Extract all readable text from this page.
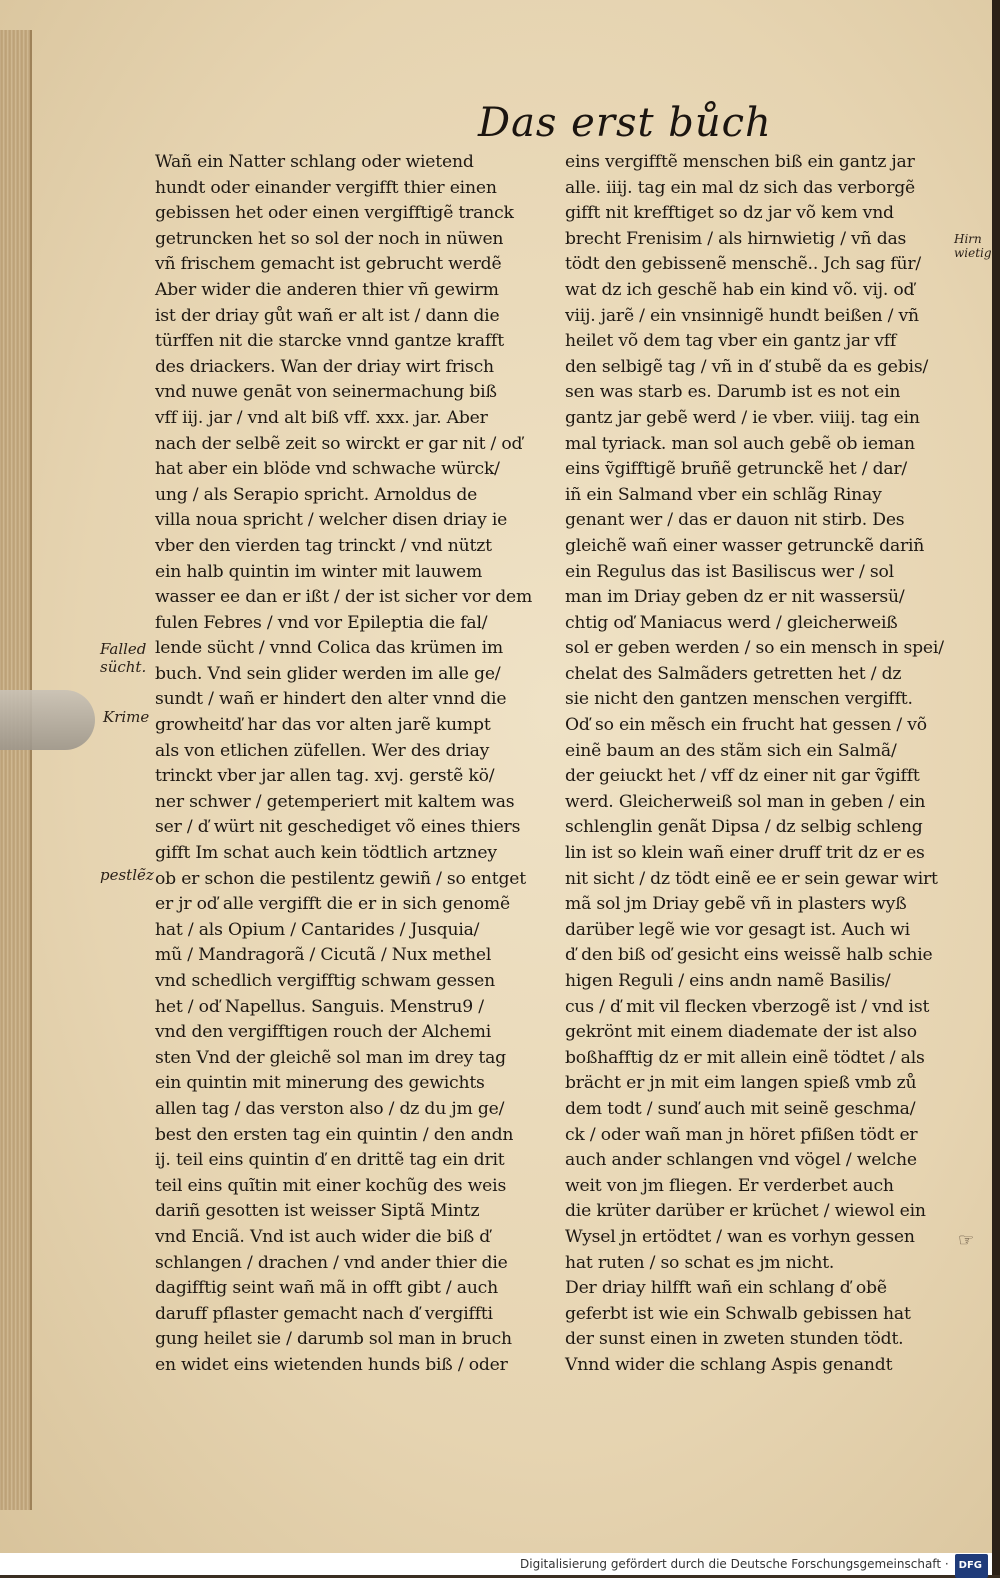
Das erst bůch
Wañ ein Natter schlang oder wietend
hundt oder einander vergifft thier einen
gebissen het oder einen vergifftigẽ tranck
getruncken het so sol der noch in nüwen
vñ frischem gemacht ist gebrucht werdẽ
Aber wider die anderen thier vñ gewirm
ist der driay gůt wañ er alt ist / dann die
türffen nit die starcke vnnd gantze krafft
des driackers. Wan der driay wirt frisch
vnd nuwe genāt von seinermachung biß
vff iij. jar / vnd alt biß vff. xxx. jar. Aber
nach der selbẽ zeit so wirckt er gar nit / oď
hat aber ein blöde vnd schwache würck/
ung / als Serapio spricht. Arnoldus de
villa noua spricht / welcher disen driay ie
vber den vierden tag trinckt / vnd nützt
ein halb quintin im winter mit lauwem
wasser ee dan er ißt / der ist sicher vor dem
fulen Febres / vnd vor Epileptia die fal/
lende sücht / vnnd Colica das krümen im
buch. Vnd sein glider werden im alle ge/
sundt / wañ er hindert den alter vnnd die
growheitď har das vor alten jarẽ kumpt
als von etlichen züfellen. Wer des driay
trinckt vber jar allen tag. xvj. gerstẽ kö/
ner schwer / getemperiert mit kaltem was
ser / ď würt nit geschediget võ eines thiers
gifft Im schat auch kein tödtlich artzney
ob er schon die pestilentz gewiñ / so entget
er jr oď alle vergifft die er in sich genomẽ
hat / als Opium / Cantarides / Jusquia/
mũ / Mandragorã / Cicutã / Nux methel
vnd schedlich vergifftig schwam gessen
het / oď Napellus. Sanguis. Menstru9 /
vnd den vergifftigen rouch der Alchemi
sten Vnd der gleichẽ sol man im drey tag
ein quintin mit minerung des gewichts
allen tag / das verston also / dz du jm ge/
best den ersten tag ein quintin / den andn
ij. teil eins quintin ď en drittẽ tag ein drit
teil eins quĩtin mit einer kochũg des weis
dariñ gesotten ist weisser Siptã Mintz
vnd Enciã. Vnd ist auch wider die biß ď
schlangen / drachen / vnd ander thier die
dagifftig seint wañ mã in offt gibt / auch
daruff pflaster gemacht nach ď vergiffti
gung heilet sie / darumb sol man in bruch
en widet eins wietenden hunds biß / oder
eins vergifftẽ menschen biß ein gantz jar
alle. iiij. tag ein mal dz sich das verborgẽ
gifft nit krefftiget so dz jar võ kem vnd
brecht Frenisim / als hirnwietig / vñ das
tödt den gebissenẽ menschẽ.. Jch sag für/
wat dz ich geschẽ hab ein kind võ. vij. oď
viij. jarẽ / ein vnsinnigẽ hundt beißen / vñ
heilet võ dem tag vber ein gantz jar vff
den selbigẽ tag / vñ in ď stubẽ da es gebis/
sen was starb es. Darumb ist es not ein
gantz jar gebẽ werd / ie vber. viiij. tag ein
mal tyriack. man sol auch gebẽ ob ieman
eins ṽgifftigẽ bruñẽ getrunckẽ het / dar/
iñ ein Salmand vber ein schlãg Rinay
genant wer / das er dauon nit stirb. Des
gleichẽ wañ einer wasser getrunckẽ dariñ
ein Regulus das ist Basiliscus wer / sol
man im Driay geben dz er nit wassersü/
chtig oď Maniacus werd / gleicherweiß
sol er geben werden / so ein mensch in spei/
chelat des Salmãders getretten het / dz
sie nicht den gantzen menschen vergifft.
Oď so ein mẽsch ein frucht hat gessen / võ
einẽ baum an des stãm sich ein Salmã/
der geiuckt het / vff dz einer nit gar ṽgifft
werd. Gleicherweiß sol man in geben / ein
schlenglin genãt Dipsa / dz selbig schleng
lin ist so klein wañ einer druff trit dz er es
nit sicht / dz tödt einẽ ee er sein gewar wirt
mã sol jm Driay gebẽ vñ in plasters wyß
darüber legẽ wie vor gesagt ist. Auch wi
ď den biß oď gesicht eins weissẽ halb schie
higen Reguli / eins andn namẽ Basilis/
cus / ď mit vil flecken vberzogẽ ist / vnd ist
gekrönt mit einem diademate der ist also
boßhafftig dz er mit allein einẽ tödtet / als
brächt er jn mit eim langen spieß vmb zů
dem todt / sunď auch mit seinẽ geschma/
ck / oder wañ man jn höret pfißen tödt er
auch ander schlangen vnd vögel / welche
weit von jm fliegen. Er verderbet auch
die krüter darüber er krüchet / wiewol ein
Wysel jn ertödtet / wan es vorhyn gessen
hat ruten / so schat es jm nicht.
Der driay hilfft wañ ein schlang ď obẽ
geferbt ist wie ein Schwalb gebissen hat
der sunst einen in zweten stunden tödt.
Vnnd wider die schlang Aspis genandt
Falled sücht.
Krime
pestlẽz
Hirn wietig
☞
Digitalisierung gefördert durch die Deutsche Forschungsgemeinschaft · DFG
